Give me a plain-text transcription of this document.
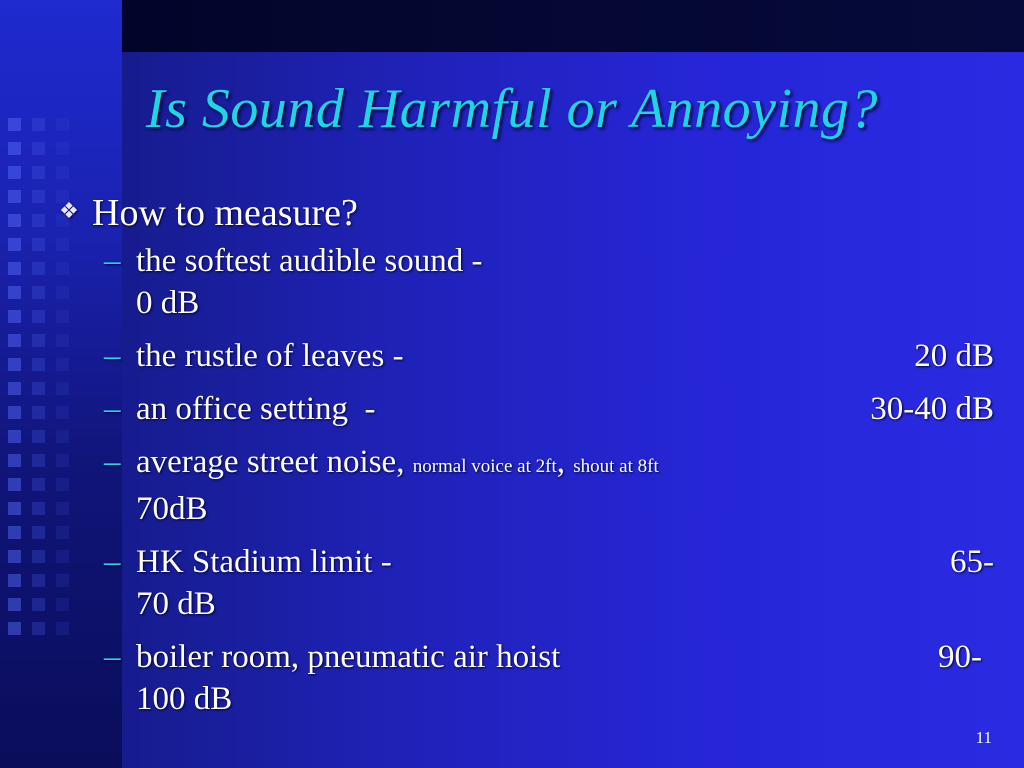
Is Sound Harmful or Annoying?
❖ How to measure?
– the softest audible sound -
0 dB
– the rustle of leaves -	20 dB
– an office setting  -	30-40 dB
– average street noise, normal voice at 2ft, shout at 8ft
70dB
– HK Stadium limit -	65-
70 dB
– boiler room, pneumatic air hoist	90-
100 dB
11
